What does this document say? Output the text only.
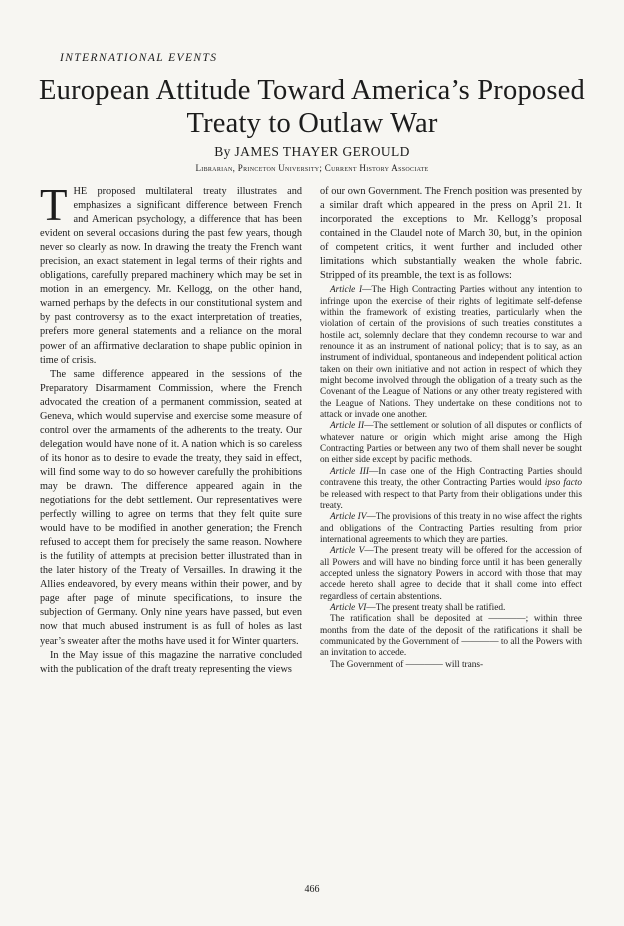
INTERNATIONAL EVENTS
European Attitude Toward America’s Proposed
Treaty to Outlaw War
By JAMES THAYER GEROULD
Librarian, Princeton University; Current History Associate

THE proposed multilateral treaty illustrates and emphasizes a significant difference between French and American psychology, a difference that has been evident on several occasions during the past few years, though never so clearly as now. In drawing the treaty the French want precision, an exact statement in legal terms of their rights and obligations, carefully prepared machinery which may be set in motion in an emergency. Mr. Kellogg, on the other hand, warned perhaps by the defects in our constitutional system and by past controversy as to the exact interpretation of treaties, prefers more general statements and a reliance on the moral power of an affirmative declaration to shape public opinion in time of crisis.

The same difference appeared in the sessions of the Preparatory Disarmament Commission, where the French advocated the creation of a permanent commission, seated at Geneva, which would supervise and exercise some measure of control over the armaments of the adherents to the treaty. Our delegation would have none of it. A nation which is so careless of its honor as to desire to evade the treaty, they said in effect, will find some way to do so however carefully the prohibitions may be drawn. The difference appeared again in the negotiations for the debt settlement. Our representatives were perfectly willing to agree on terms that they felt quite sure would have to be modified in another generation; the French refused to accept them for precisely the same reason. Nowhere is the futility of attempts at precision better illustrated than in the later history of the Treaty of Versailles. In drawing it the Allies endeavored, by every means within their power, and by page after page of minute specifications, to insure the subjection of Germany. Only nine years have passed, but even now that much abused instrument is as full of holes as last year’s sweater after the moths have used it for Winter quarters.

In the May issue of this magazine the narrative concluded with the publication of the draft treaty representing the views

of our own Government. The French position was presented by a similar draft which appeared in the press on April 21. It incorporated the exceptions to Mr. Kellogg’s proposal contained in the Claudel note of March 30, but, in the opinion of competent critics, it went further and included other limitations which substantially weaken the whole fabric. Stripped of its preamble, the text is as follows:

Article I—The High Contracting Parties without any intention to infringe upon the exercise of their rights of legitimate self-defense within the framework of existing treaties, particularly when the violation of certain of the provisions of such treaties constitutes a hostile act, solemnly declare that they condemn recourse to war and renounce it as an instrument of national policy; that is to say, as an instrument of individual, spontaneous and independent political action taken on their own initiative and not action in respect of which they might become involved through the obligation of a treaty such as the Covenant of the League of Nations or any other treaty registered with the League of Nations. They undertake on these conditions not to attack or invade one another.

Article II—The settlement or solution of all disputes or conflicts of whatever nature or origin which might arise among the High Contracting Parties or between any two of them shall never be sought on either side except by pacific methods.

Article III—In case one of the High Contracting Parties should contravene this treaty, the other Contracting Parties would ipso facto be released with respect to that Party from their obligations under this treaty.

Article IV—The provisions of this treaty in no wise affect the rights and obligations of the Contracting Parties resulting from prior international agreements to which they are parties.

Article V—The present treaty will be offered for the accession of all Powers and will have no binding force until it has been generally accepted unless the signatory Powers in accord with those that may accede hereto shall agree to decide that it shall come into effect regardless of certain abstentions.

Article VI—The present treaty shall be ratified.

The ratification shall be deposited at ————; within three months from the date of the deposit of the ratifications it shall be communicated by the Government of ———— to all the Powers with an invitation to accede.

The Government of ———— will trans-

466
